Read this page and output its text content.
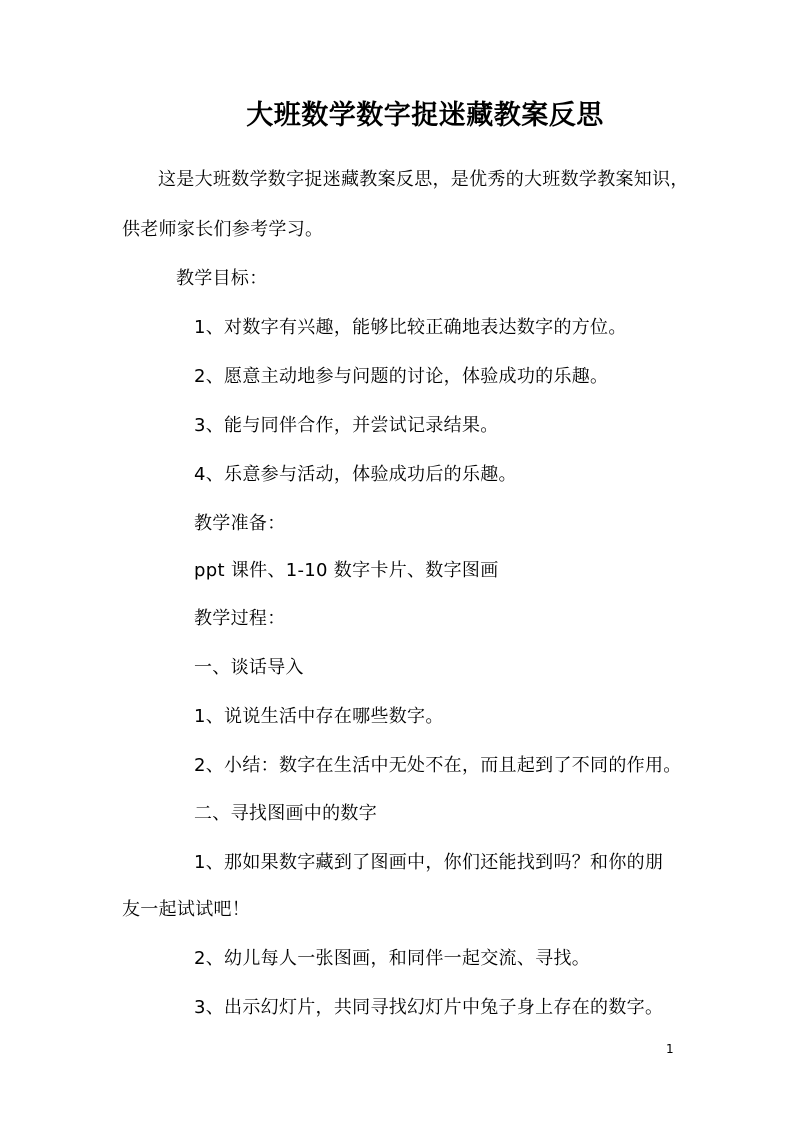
大班数学数字捉迷藏教案反思
这是大班数学数字捉迷藏教案反思，是优秀的大班数学教案知识，
供老师家长们参考学习。
教学目标：
1、对数字有兴趣，能够比较正确地表达数字的方位。
2、愿意主动地参与问题的讨论，体验成功的乐趣。
3、能与同伴合作，并尝试记录结果。
4、乐意参与活动，体验成功后的乐趣。
教学准备：
ppt 课件、1-10 数字卡片、数字图画
教学过程：
一、谈话导入
1、说说生活中存在哪些数字。
2、小结：数字在生活中无处不在，而且起到了不同的作用。
二、寻找图画中的数字
1、那如果数字藏到了图画中，你们还能找到吗？和你的朋
友一起试试吧！
2、幼儿每人一张图画，和同伴一起交流、寻找。
3、出示幻灯片，共同寻找幻灯片中兔子身上存在的数字。
1
